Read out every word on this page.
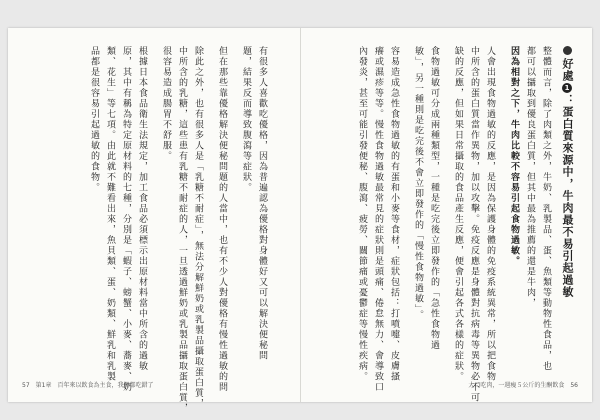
好處1：蛋白質來源中，牛肉最不易引起過敏
整體而言，除了肉類之外，牛奶、乳製品、蛋、魚類等動物性食品，也
都可以攝取到優良蛋白質，但其中最為推薦的還是牛肉，
因為相對之下，牛肉比較不容易引起食物過敏。
人會出現食物過敏的反應，是因為保護身體的免疫系統異常，所以把食物
中所含的蛋白質當作異物，加以攻擊。免疫反應是身體對抗病毒等異物必不可
缺的反應，但如果日常攝取的食品產生反應，便會引起各式各樣的症狀。
食物過敏可分成兩種類型，一種是吃完後立即發作的「急性食物過
敏」，另一種則是吃完後不會立即發作的「慢性食物過敏」。
容易造成急性食物過敏的有蛋和小麥等食材，症狀包括：打噴嚏、皮膚搔
癢或濕疹等等。慢性食物過敏最常見的症狀則是頭痛、倦怠無力、會導致口
內發炎，甚至可能引發便秘、腹瀉、疲勞、關節痛或憂鬱症等慢性疾病。
有很多人喜歡吃優格，因為普遍認為優格對身體好又可以解決便秘問
題，結果反而導致腹瀉等症狀。
但在那些靠優格解決便秘問題的人當中，也有不少人對優格有慢性過敏的問
除此之外，也有很多人是「乳糖不耐症」，無法分解鮮奶或乳製品攝取蛋白質，
中所含的乳糖，這些患有乳糖不耐症的人，一旦透過鮮奶或乳製品攝取蛋白質，
很容易造成腸胃不舒服。
根據日本食品衛生法規定，加工食品必須標示出原材料當中所含的過敏
原，其中有稱為特定原材料的七種，分別是「蝦子、螃蟹、小麥、蕎麥、奶
類、花生」等七項。由此就不難看出來，魚貝類、蛋、奶類、鮮乳和乳製
品都是很容易引起過敏的食物。
57　第1章　百年來以飲食為主食，我們都吃錯了	大口吃肉，一週瘦５公斤的生酮飲食　56
